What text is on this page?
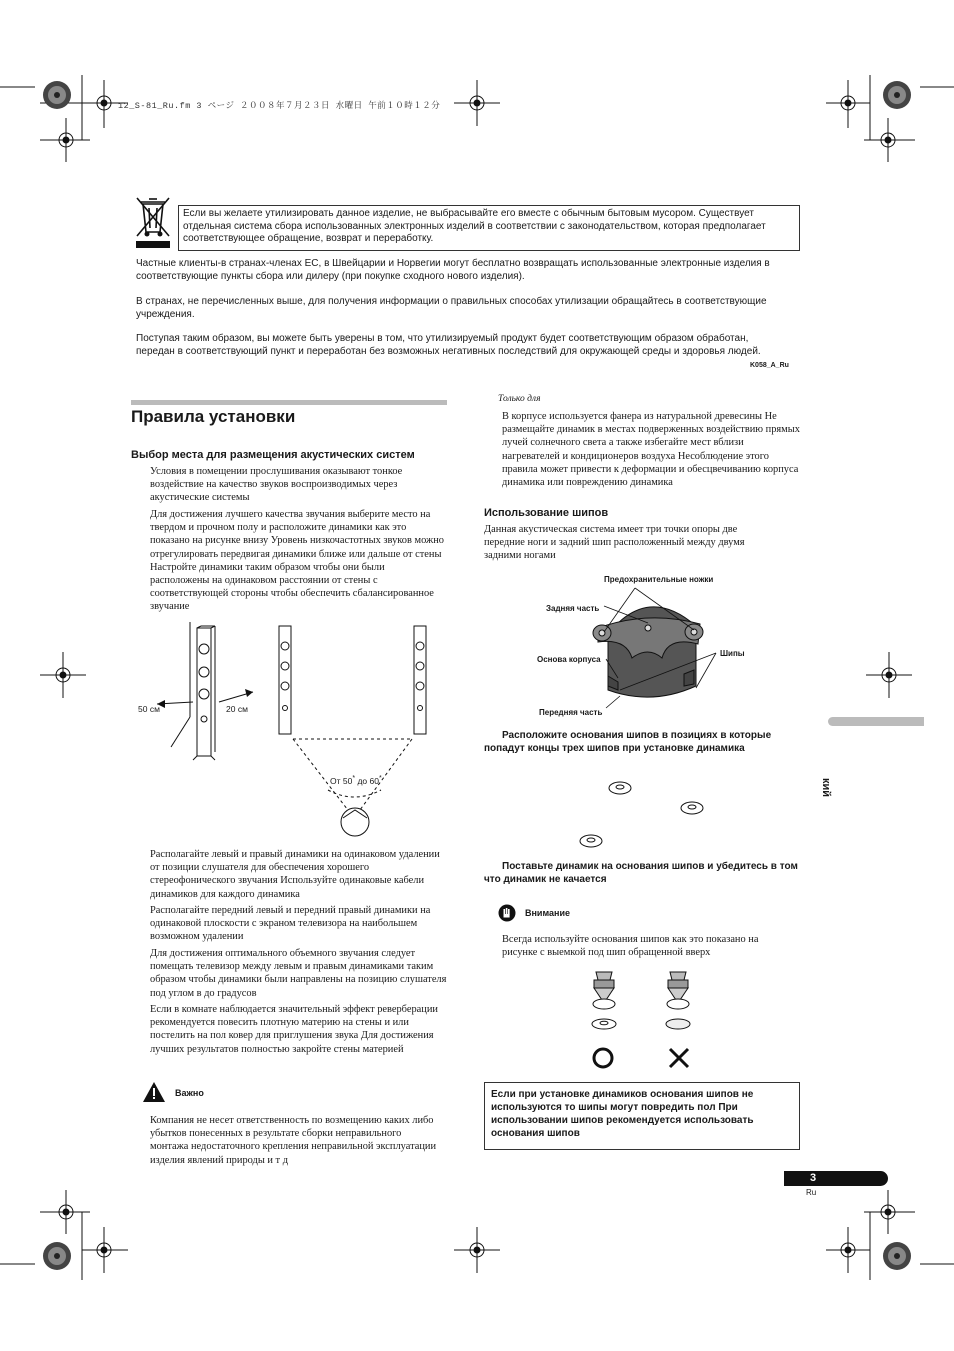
12_S-81_Ru.fm 3 ページ ２００８年７月２３日 水曜日 午前１０時１２分
Если вы желаете утилизировать данное изделие, не выбрасывайте его вместе с обычным бытовым мусором. Существует отдельная система сбора использованных электронных изделий в соответствии с законодательством, которая предполагает соответствующее обращение, возврат и переработку.

Частные клиенты-в странах-членах ЕС, в Швейцарии и Норвегии могут бесплатно возвращать использованные электронные изделия в соответствующие пункты сбора или дилеру (при покупке сходного нового изделия).

В странах, не перечисленных выше, для получения информации о правильных способах утилизации обращайтесь в соответствующие учреждения.

Поступая таким образом, вы можете быть уверены в том, что утилизируемый продукт будет соответствующим образом обработан, передан в соответствующий пункт и переработан без возможных негативных последствий для окружающей среды и здоровья людей.

K058_A_Ru
Правила установки
Выбор места для размещения акустических систем

Условия в помещении прослушивания оказывают тонкое воздействие на качество звуков воспроизводимых через акустические системы

Для достижения лучшего качества звучания выберите место на твердом и прочном полу и расположите динамики как это показано на рисунке внизу Уровень низкочастотных звуков можно отрегулировать передвигая динамики ближе или дальше от стены Настройте динамики таким образом чтобы они были расположены на одинаковом расстоянии от стены с соответствующей стороны чтобы обеспечить сбалансированное звучание

50 см	20 см
От 50* до 60*

Располагайте левый и правый динамики на одинаковом удалении от позиции слушателя для обеспечения хорошего стереофонического звучания Используйте одинаковые кабели динамиков для каждого динамика

Располагайте передний левый и передний правый динамики на одинаковой плоскости с экраном телевизора на наибольшем возможном удалении

Для достижения оптимального объемного звучания следует помещать телевизор между левым и правым динамиками таким образом чтобы динамики были направлены на позицию слушателя под углом в до градусов

Если в комнате наблюдается значительный эффект реверберации рекомендуется повесить плотную материю на стены и или постелить на пол ковер для приглушения звука Для достижения лучших результатов полностью закройте стены материей

Важно

Компания не несет ответственность по возмещению каких либо убытков понесенных в результате сборки неправильного монтажа недостаточного крепления неправильной эксплуатации изделия явлений природы и т д

Только для

В корпусе используется фанера из натуральной древесины Не размещайте динамик в местах подверженных воздействию прямых лучей солнечного света а также избегайте мест вблизи нагревателей и кондиционеров воздуха Несоблюдение этого правила может привести к деформации и обесцвечиванию корпуса динамика или повреждению динамика

Использование шипов

Данная акустическая система имеет три точки опоры две передние ноги и задний шип расположенный между двумя задними ногами

Предохранительные ножки
Задняя часть
Основа корпуса
Шипы
Передняя часть
Расположите основания шипов в позициях в которые попадут концы трех шипов при установке динамика
Поставьте динамик на основания шипов и убедитесь в том что динамик не качается
Внимание

Всегда используйте основания шипов как это показано на рисунке с выемкой под шип обращенной вверх

Если при установке динамиков основания шипов не используются то шипы могут повредить пол При использовании шипов рекомендуется использовать основания шипов
кий
3
Ru
